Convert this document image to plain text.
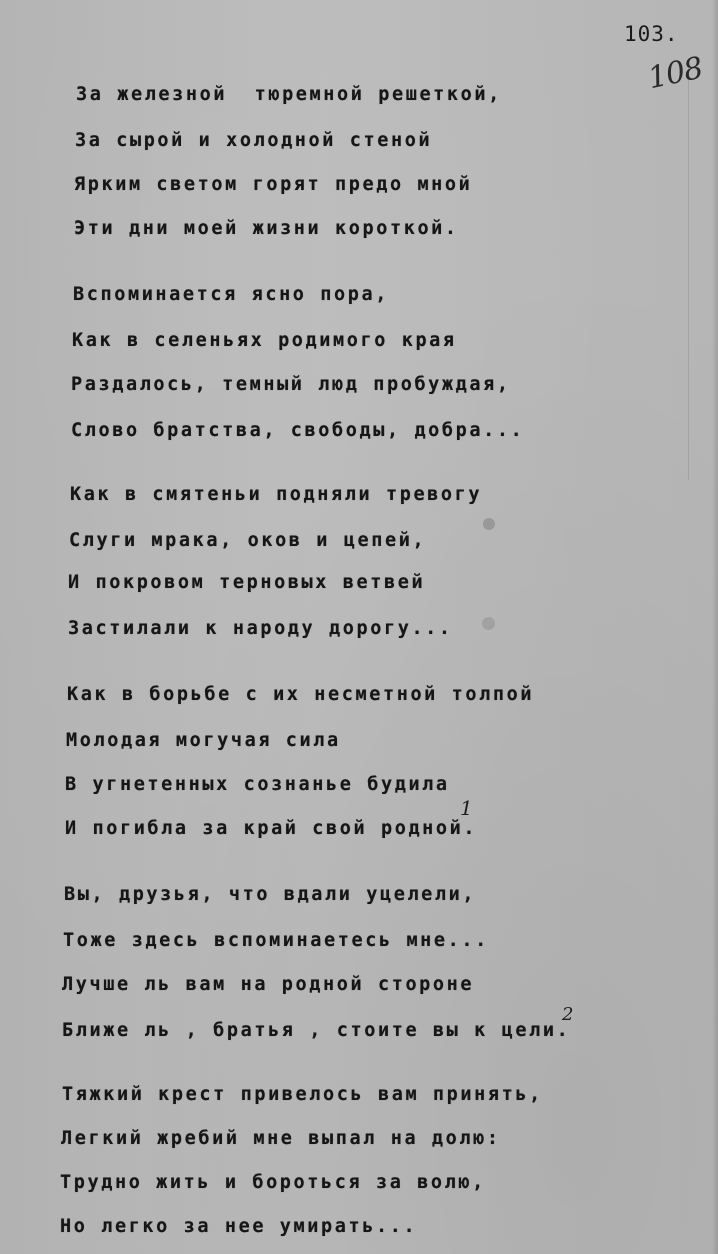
103.
108
За железной  тюремной решеткой,
За сырой и холодной стеной
Ярким светом горят предо мной
Эти дни моей жизни короткой.
Вспоминается ясно пора,
Как в селеньях родимого края
Раздалось, темный люд пробуждая,
Слово братства, свободы, добра...
Как в смятеньи подняли тревогу
Слуги мрака, оков и цепей,
И покровом терновых ветвей
Застилали к народу дорогу...
Как в борьбе с их несметной толпой
Молодая могучая сила
В угнетенных сознанье будила
И погибла за край свой родной.
Вы, друзья, что вдали уцелели,
Тоже здесь вспоминаетесь мне...
Лучше ль вам на родной стороне
Ближе ль , братья , стоите вы к цели.
Тяжкий крест привелось вам принять,
Легкий жребий мне выпал на долю:
Трудно жить и бороться за волю,
Но легко за нее умирать...
1
2
